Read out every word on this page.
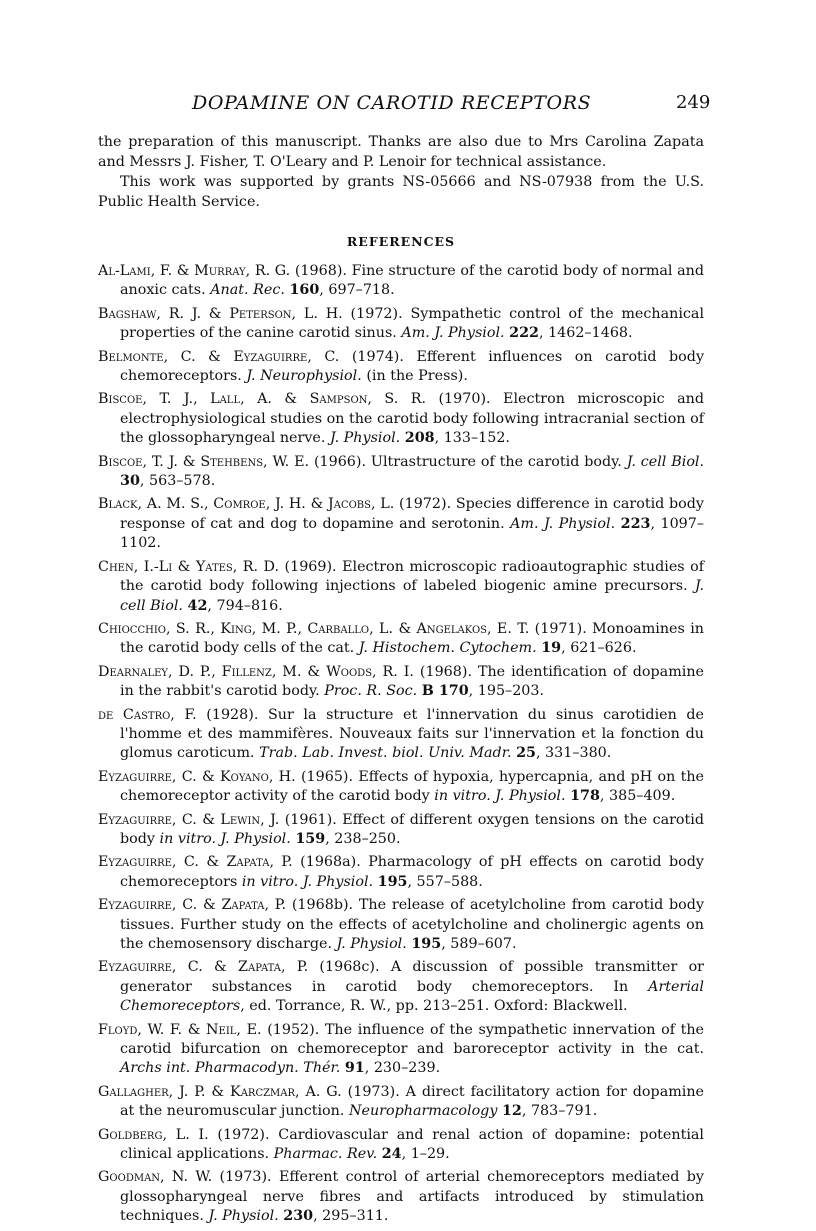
DOPAMINE ON CAROTID RECEPTORS	249

the preparation of this manuscript. Thanks are also due to Mrs Carolina Zapata and Messrs J. Fisher, T. O'Leary and P. Lenoir for technical assistance.

This work was supported by grants NS-05666 and NS-07938 from the U.S. Public Health Service.

REFERENCES
Al-Lami, F. & Murray, R. G. (1968). Fine structure of the carotid body of normal and anoxic cats. Anat. Rec. 160, 697–718.
Bagshaw, R. J. & Peterson, L. H. (1972). Sympathetic control of the mechanical properties of the canine carotid sinus. Am. J. Physiol. 222, 1462–1468.
Belmonte, C. & Eyzaguirre, C. (1974). Efferent influences on carotid body chemoreceptors. J. Neurophysiol. (in the Press).
Biscoe, T. J., Lall, A. & Sampson, S. R. (1970). Electron microscopic and electrophysiological studies on the carotid body following intracranial section of the glossopharyngeal nerve. J. Physiol. 208, 133–152.
Biscoe, T. J. & Stehbens, W. E. (1966). Ultrastructure of the carotid body. J. cell Biol. 30, 563–578.
Black, A. M. S., Comroe, J. H. & Jacobs, L. (1972). Species difference in carotid body response of cat and dog to dopamine and serotonin. Am. J. Physiol. 223, 1097–1102.
Chen, I.-Li & Yates, R. D. (1969). Electron microscopic radioautographic studies of the carotid body following injections of labeled biogenic amine precursors. J. cell Biol. 42, 794–816.
Chiocchio, S. R., King, M. P., Carballo, L. & Angelakos, E. T. (1971). Monoamines in the carotid body cells of the cat. J. Histochem. Cytochem. 19, 621–626.
Dearnaley, D. P., Fillenz, M. & Woods, R. I. (1968). The identification of dopamine in the rabbit's carotid body. Proc. R. Soc. B 170, 195–203.
de Castro, F. (1928). Sur la structure et l'innervation du sinus carotidien de l'homme et des mammifères. Nouveaux faits sur l'innervation et la fonction du glomus caroticum. Trab. Lab. Invest. biol. Univ. Madr. 25, 331–380.
Eyzaguirre, C. & Koyano, H. (1965). Effects of hypoxia, hypercapnia, and pH on the chemoreceptor activity of the carotid body in vitro. J. Physiol. 178, 385–409.
Eyzaguirre, C. & Lewin, J. (1961). Effect of different oxygen tensions on the carotid body in vitro. J. Physiol. 159, 238–250.
Eyzaguirre, C. & Zapata, P. (1968a). Pharmacology of pH effects on carotid body chemoreceptors in vitro. J. Physiol. 195, 557–588.
Eyzaguirre, C. & Zapata, P. (1968b). The release of acetylcholine from carotid body tissues. Further study on the effects of acetylcholine and cholinergic agents on the chemosensory discharge. J. Physiol. 195, 589–607.
Eyzaguirre, C. & Zapata, P. (1968c). A discussion of possible transmitter or generator substances in carotid body chemoreceptors. In Arterial Chemoreceptors, ed. Torrance, R. W., pp. 213–251. Oxford: Blackwell.
Floyd, W. F. & Neil, E. (1952). The influence of the sympathetic innervation of the carotid bifurcation on chemoreceptor and baroreceptor activity in the cat. Archs int. Pharmacodyn. Thér. 91, 230–239.
Gallagher, J. P. & Karczmar, A. G. (1973). A direct facilitatory action for dopamine at the neuromuscular junction. Neuropharmacology 12, 783–791.
Goldberg, L. I. (1972). Cardiovascular and renal action of dopamine: potential clinical applications. Pharmac. Rev. 24, 1–29.
Goodman, N. W. (1973). Efferent control of arterial chemoreceptors mediated by glossopharyngeal nerve fibres and artifacts introduced by stimulation techniques. J. Physiol. 230, 295–311.
